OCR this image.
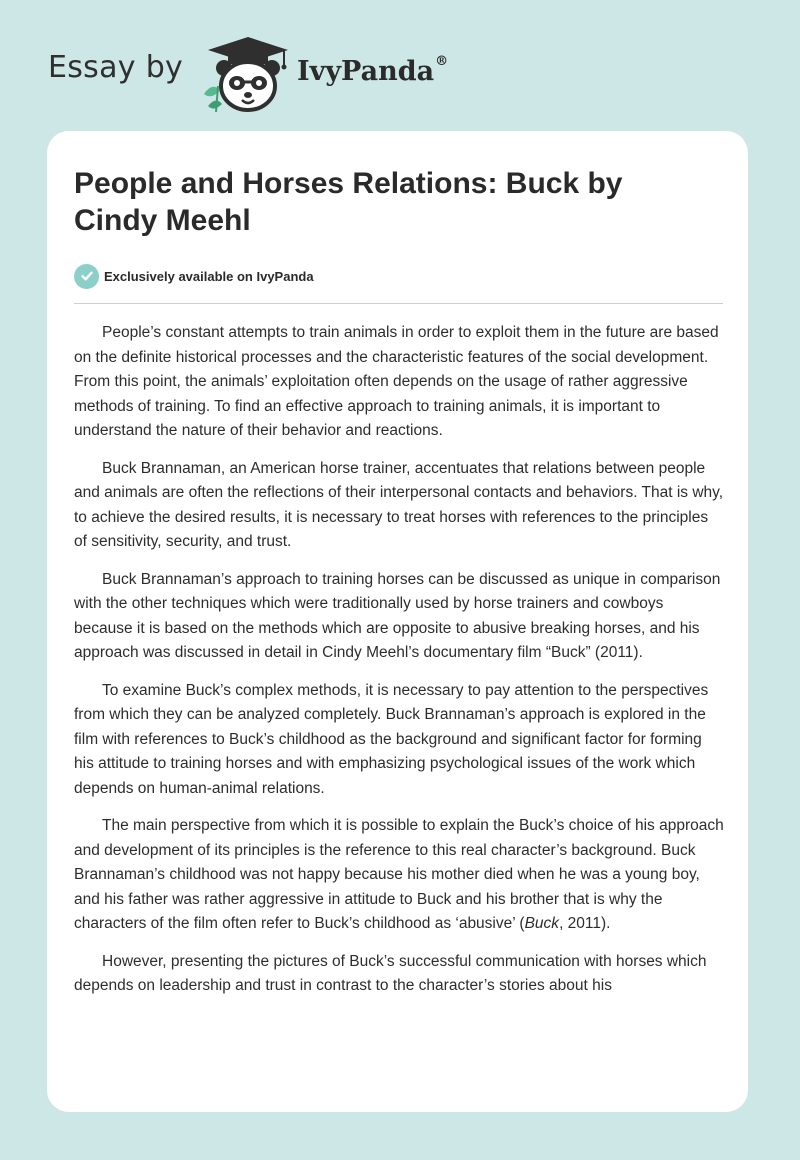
Essay by	IvyPanda®
People and Horses Relations: Buck by Cindy Meehl
Exclusively available on IvyPanda

People’s constant attempts to train animals in order to exploit them in the future are based on the definite historical processes and the characteristic features of the social development. From this point, the animals’ exploitation often depends on the usage of rather aggressive methods of training. To find an effective approach to training animals, it is important to understand the nature of their behavior and reactions.

Buck Brannaman, an American horse trainer, accentuates that relations between people and animals are often the reflections of their interpersonal contacts and behaviors. That is why, to achieve the desired results, it is necessary to treat horses with references to the principles of sensitivity, security, and trust.

Buck Brannaman’s approach to training horses can be discussed as unique in comparison with the other techniques which were traditionally used by horse trainers and cowboys because it is based on the methods which are opposite to abusive breaking horses, and his approach was discussed in detail in Cindy Meehl’s documentary film “Buck” (2011).

To examine Buck’s complex methods, it is necessary to pay attention to the perspectives from which they can be analyzed completely. Buck Brannaman’s approach is explored in the film with references to Buck’s childhood as the background and significant factor for forming his attitude to training horses and with emphasizing psychological issues of the work which depends on human-animal relations.

The main perspective from which it is possible to explain the Buck’s choice of his approach and development of its principles is the reference to this real character’s background. Buck Brannaman’s childhood was not happy because his mother died when he was a young boy, and his father was rather aggressive in attitude to Buck and his brother that is why the characters of the film often refer to Buck’s childhood as ‘abusive’ (Buck, 2011).

However, presenting the pictures of Buck’s successful communication with horses which depends on leadership and trust in contrast to the character’s stories about his
